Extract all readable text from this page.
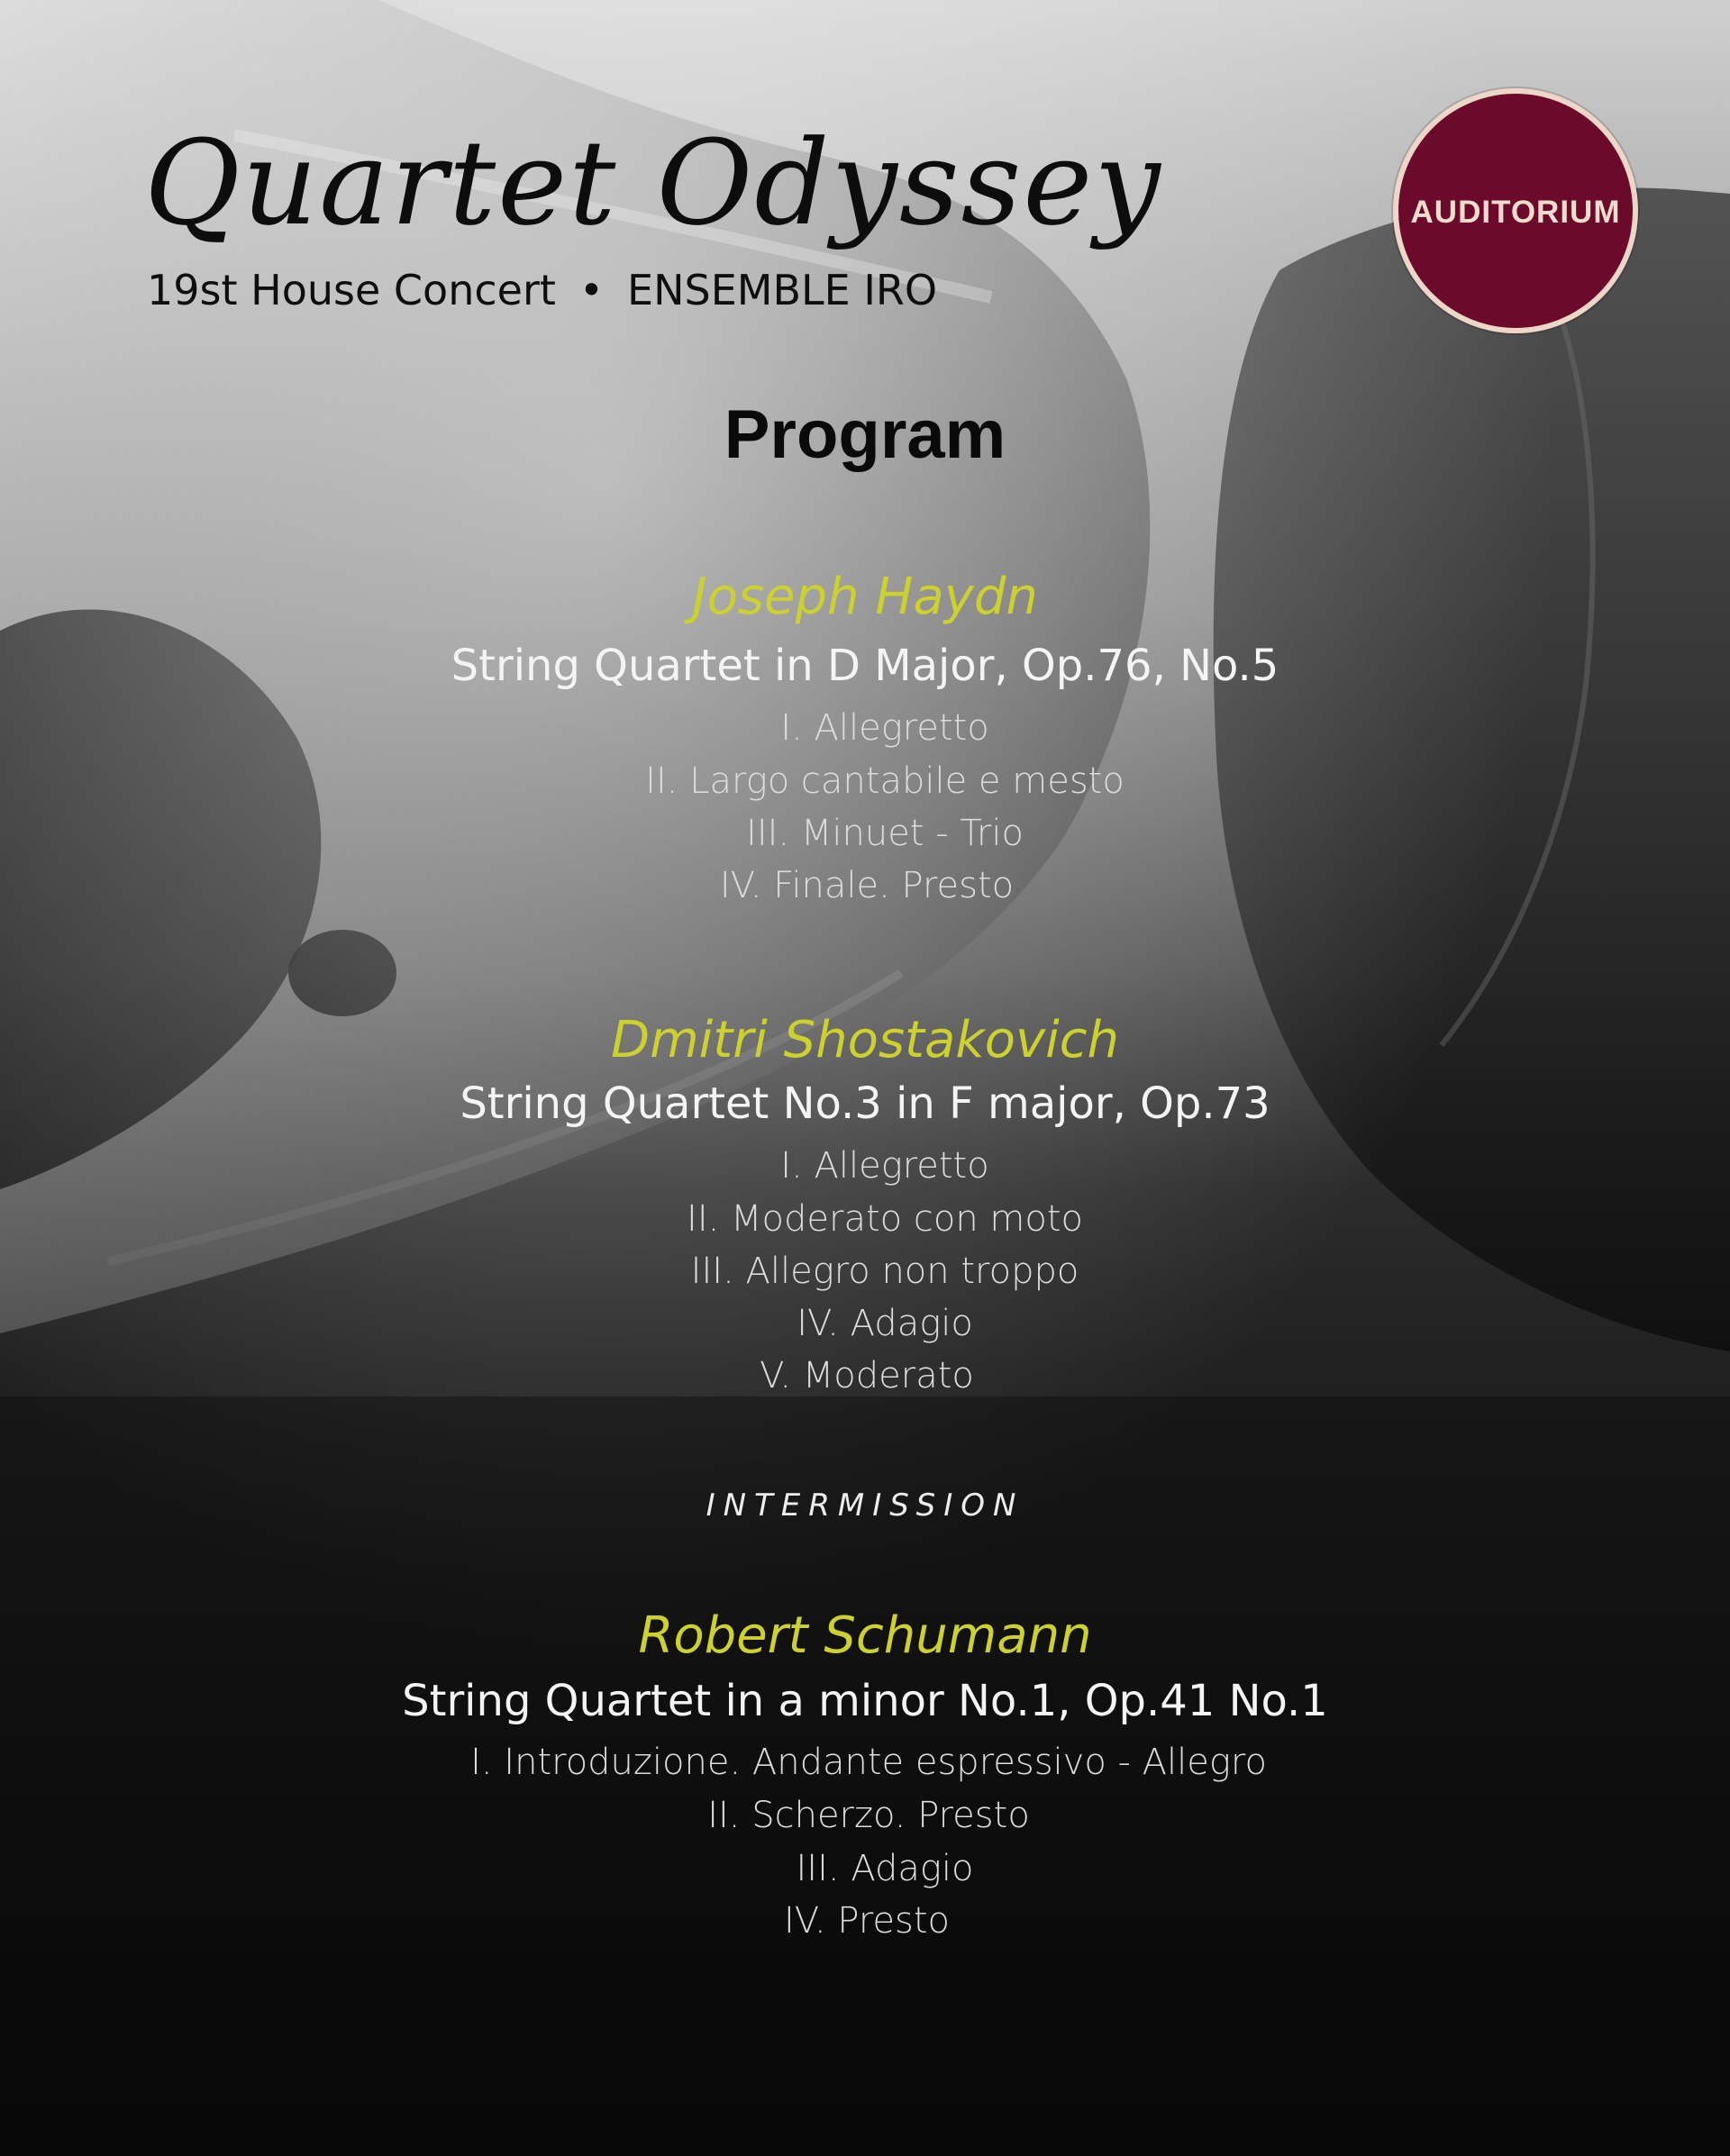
Quartet Odyssey
19st House Concert • ENSEMBLE IRO
AUDITORIUM
Program
Joseph Haydn
String Quartet in D Major, Op.76, No.5
I. Allegretto
II. Largo cantabile e mesto
III. Minuet - Trio
IV. Finale. Presto
Dmitri Shostakovich
String Quartet No.3 in F major, Op.73
I. Allegretto
II. Moderato con moto
III. Allegro non troppo
IV. Adagio
V. Moderato
INTERMISSION
Robert Schumann
String Quartet in a minor No.1, Op.41 No.1
I. Introduzione. Andante espressivo - Allegro
II. Scherzo. Presto
III. Adagio
IV. Presto
